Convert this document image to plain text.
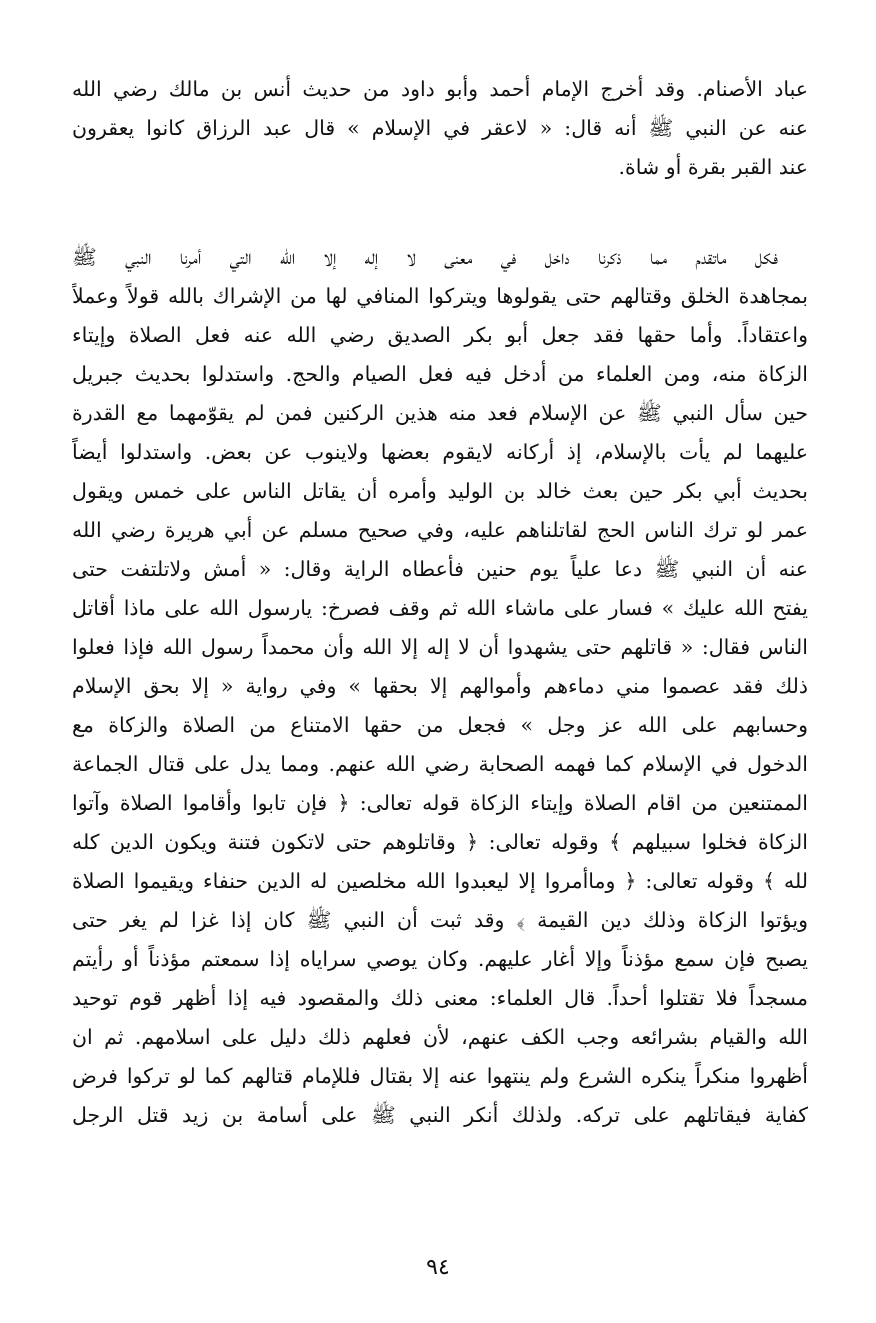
عباد الأصنام. وقد أخرج الإمام أحمد وأبو داود من حديث أنس بن مالك رضي الله
عنه عن النبي ﷺ أنه قال: « لاعقر في الإسلام » قال عبد الرزاق كانوا يعقرون
عند القبر بقرة أو شاة.
فكل ماتقدم مما ذكرنا داخل في معنى لا إله إلا الله التي أمرنا النبي ﷺ
بمجاهدة الخلق وقتالهم حتى يقولوها ويتركوا المنافي لها من الإشراك بالله قولاً وعملاً
واعتقاداً. وأما حقها فقد جعل أبو بكر الصديق رضي الله عنه فعل الصلاة وإيتاء
الزكاة منه، ومن العلماء من أدخل فيه فعل الصيام والحج. واستدلوا بحديث جبريل
حين سأل النبي ﷺ عن الإسلام فعد منه هذين الركنين فمن لم يقوّمهما مع القدرة
عليهما لم يأت بالإسلام، إذ أركانه لايقوم بعضها ولاينوب عن بعض. واستدلوا أيضاً
بحديث أبي بكر حين بعث خالد بن الوليد وأمره أن يقاتل الناس على خمس ويقول
عمر لو ترك الناس الحج لقاتلناهم عليه، وفي صحيح مسلم عن أبي هريرة رضي الله
عنه أن النبي ﷺ دعا علياً يوم حنين فأعطاه الراية وقال: « أمش ولاتلتفت حتى
يفتح الله عليك » فسار على ماشاء الله ثم وقف فصرخ: يارسول الله على ماذا أقاتل
الناس فقال: « قاتلهم حتى يشهدوا أن لا إله إلا الله وأن محمداً رسول الله فإذا فعلوا
ذلك فقد عصموا مني دماءهم وأموالهم إلا بحقها » وفي رواية « إلا بحق الإسلام
وحسابهم على الله عز وجل » فجعل من حقها الامتناع من الصلاة والزكاة مع
الدخول في الإسلام كما فهمه الصحابة رضي الله عنهم. ومما يدل على قتال الجماعة
الممتنعين من اقام الصلاة وإيتاء الزكاة قوله تعالى: ﴿ فإن تابوا وأقاموا الصلاة وآتوا
الزكاة فخلوا سبيلهم ﴾ وقوله تعالى: ﴿ وقاتلوهم حتى لاتكون فتنة ويكون الدين كله
لله ﴾ وقوله تعالى: ﴿ وماأمروا إلا ليعبدوا الله مخلصين له الدين حنفاء ويقيموا الصلاة
ويؤتوا الزكاة وذلك دين القيمة ﴾ وقد ثبت أن النبي ﷺ كان إذا غزا لم يغر حتى
يصبح فإن سمع مؤذناً وإلا أغار عليهم. وكان يوصي سراياه إذا سمعتم مؤذناً أو رأيتم
مسجداً فلا تقتلوا أحداً. قال العلماء: معنى ذلك والمقصود فيه إذا أظهر قوم توحيد
الله والقيام بشرائعه وجب الكف عنهم، لأن فعلهم ذلك دليل على اسلامهم. ثم ان
أظهروا منكراً ينكره الشرع ولم ينتهوا عنه إلا بقتال فللإمام قتالهم كما لو تركوا فرض
كفاية فيقاتلهم على تركه. ولذلك أنكر النبي ﷺ على أسامة بن زيد قتل الرجل
٩٤
